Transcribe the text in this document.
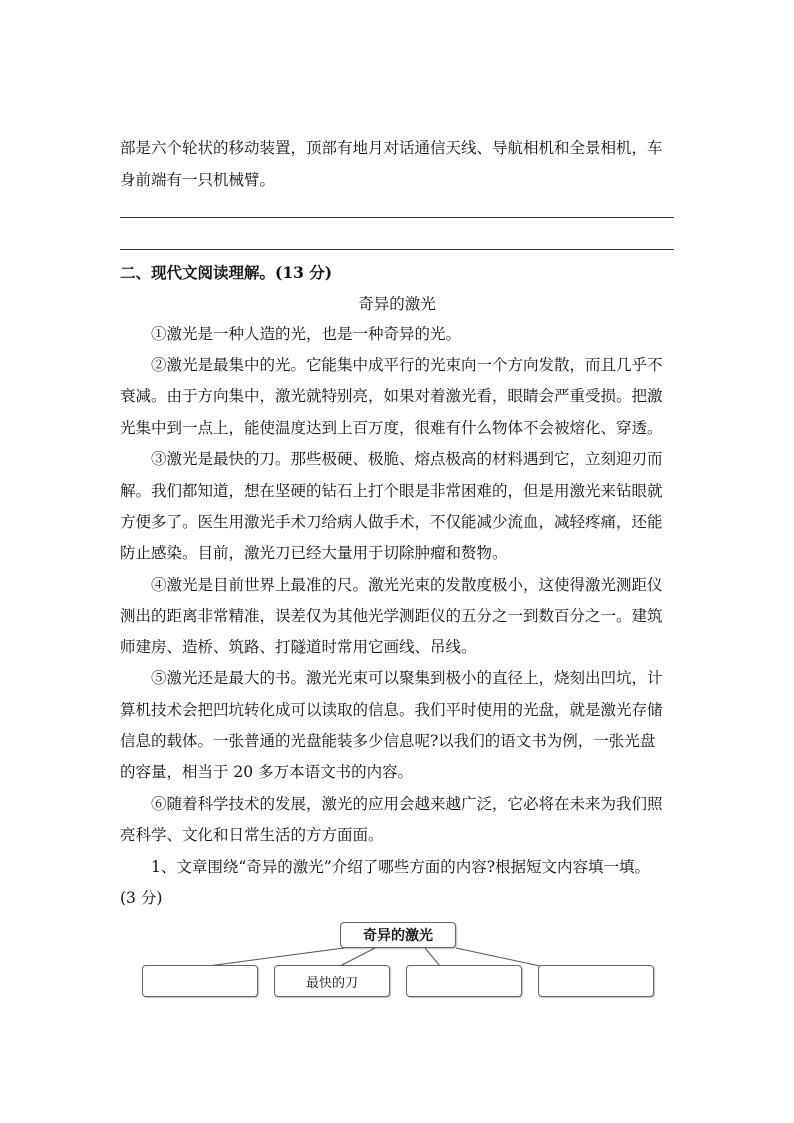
部是六个轮状的移动装置，顶部有地月对话通信天线、导航相机和全景相机，车
身前端有一只机械臂。
二、现代文阅读理解。(13 分)
奇异的激光
　　①激光是一种人造的光，也是一种奇异的光。
　　②激光是最集中的光。它能集中成平行的光束向一个方向发散，而且几乎不
衰减。由于方向集中，激光就特别亮，如果对着激光看，眼睛会严重受损。把激
光集中到一点上，能使温度达到上百万度，很难有什么物体不会被熔化、穿透。
　　③激光是最快的刀。那些极硬、极脆、熔点极高的材料遇到它，立刻迎刃而
解。我们都知道，想在坚硬的钻石上打个眼是非常困难的，但是用激光来钻眼就
方便多了。医生用激光手术刀给病人做手术，不仅能减少流血，减轻疼痛，还能
防止感染。目前，激光刀已经大量用于切除肿瘤和赘物。
　　④激光是目前世界上最准的尺。激光光束的发散度极小，这使得激光测距仪
测出的距离非常精准，误差仅为其他光学测距仪的五分之一到数百分之一。建筑
师建房、造桥、筑路、打隧道时常用它画线、吊线。
　　⑤激光还是最大的书。激光光束可以聚集到极小的直径上，烧刻出凹坑，计
算机技术会把凹坑转化成可以读取的信息。我们平时使用的光盘，就是激光存储
信息的载体。一张普通的光盘能装多少信息呢?以我们的语文书为例，一张光盘
的容量，相当于 20 多万本语文书的内容。
　　⑥随着科学技术的发展，激光的应用会越来越广泛，它必将在未来为我们照
亮科学、文化和日常生活的方方面面。
　　1、文章围绕“奇异的激光”介绍了哪些方面的内容?根据短文内容填一填。
(3 分)
奇异的激光
最快的刀
